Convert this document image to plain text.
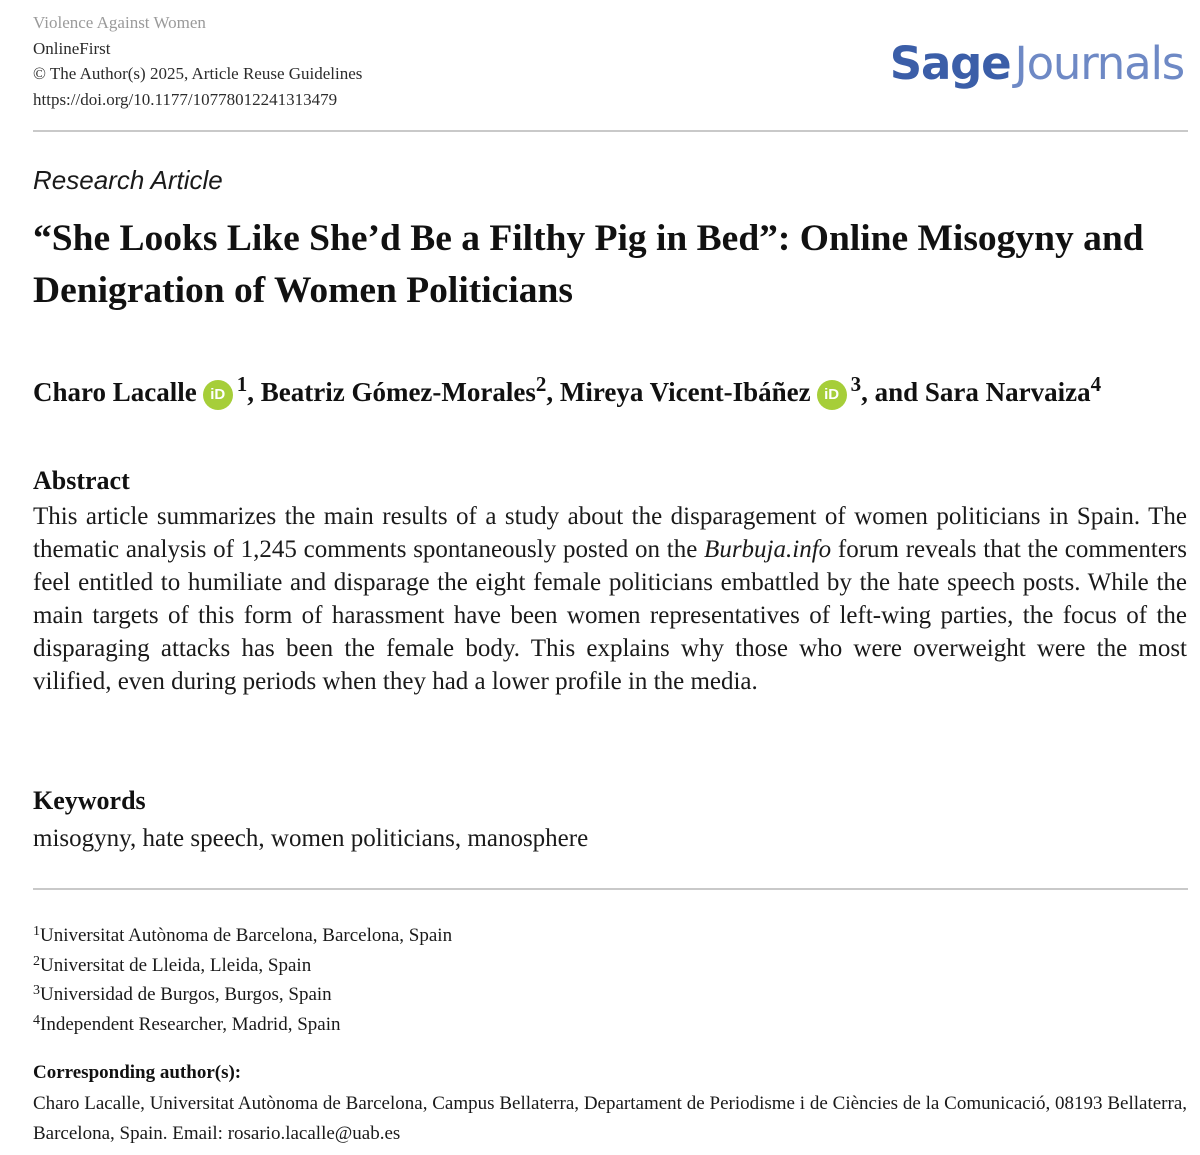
Violence Against Women
OnlineFirst
© The Author(s) 2025, Article Reuse Guidelines
https://doi.org/10.1177/10778012241313479
SageJournals
Research Article
“She Looks Like She’d Be a Filthy Pig in Bed”: Online Misogyny and Denigration of Women Politicians
Charo Lacalle iD $^1$, Beatriz Gómez-Morales$^2$, Mireya Vicent-Ibáñez iD $^3$, and Sara Narvaiza$^4$
Abstract

This article summarizes the main results of a study about the disparagement of women politicians in Spain. The thematic analysis of 1,245 comments spontaneously posted on the Burbuja.info forum reveals that the commenters feel entitled to humiliate and disparage the eight female politicians embattled by the hate speech posts. While the main targets of this form of harassment have been women representatives of left-wing parties, the focus of the disparaging attacks has been the female body. This explains why those who were overweight were the most vilified, even during periods when they had a lower profile in the media.

Keywords
misogyny, hate speech, women politicians, manosphere
$^1$Universitat Autònoma de Barcelona, Barcelona, Spain
$^2$Universitat de Lleida, Lleida, Spain
$^3$Universidad de Burgos, Burgos, Spain
$^4$Independent Researcher, Madrid, Spain
Corresponding author(s):

Charo Lacalle, Universitat Autònoma de Barcelona, Campus Bellaterra, Departament de Periodisme i de Ciències de la Comunicació, 08193 Bellaterra, Barcelona, Spain. Email: rosario.lacalle@uab.es
